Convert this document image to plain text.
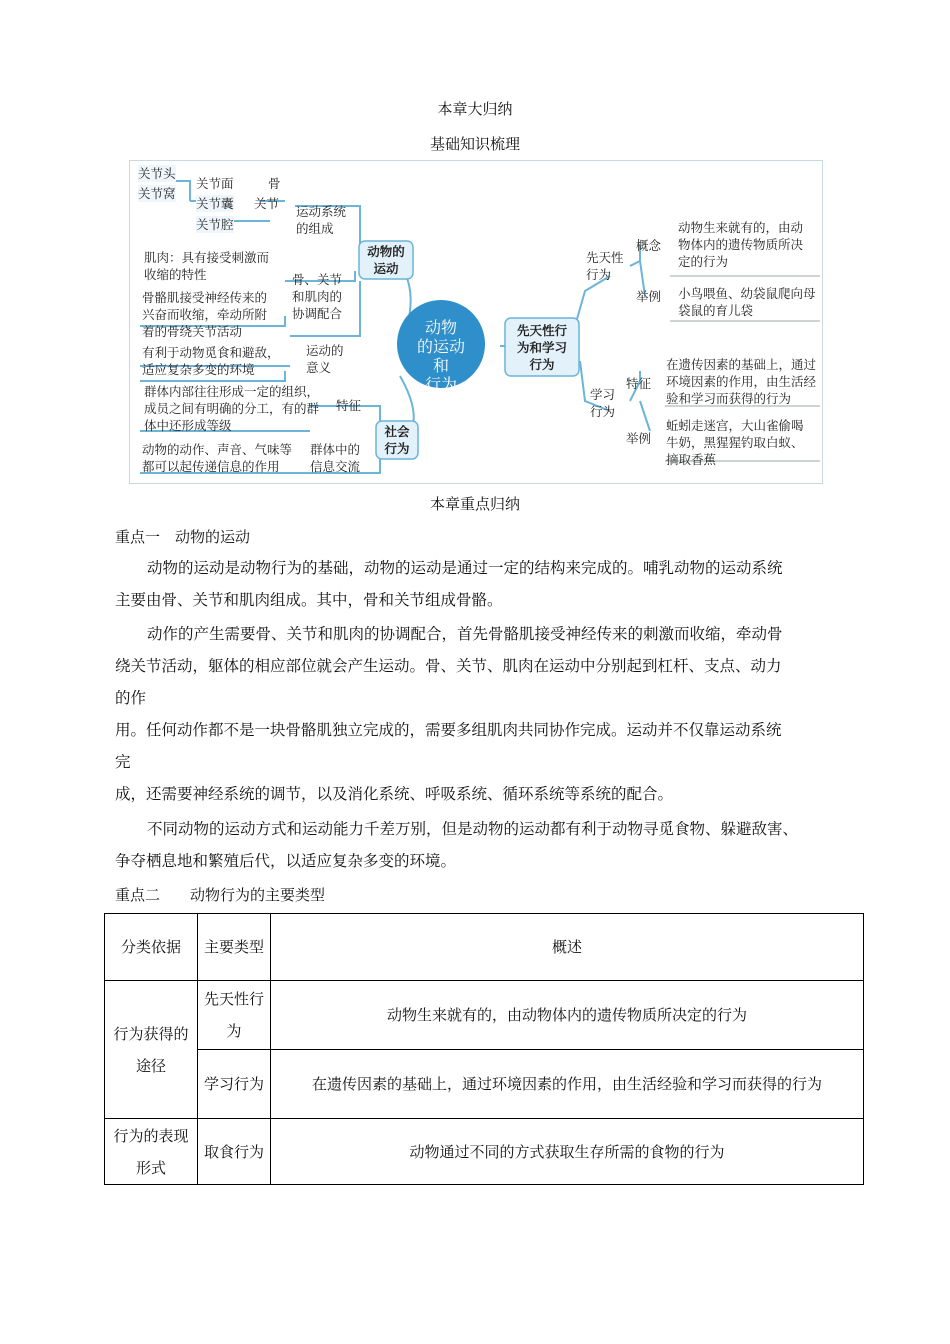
本章大归纳
基础知识梳理
动物
的运动和
行为
动物的
运动
社会
行为
先天性行
为和学习
行为
关节头
关节窝
关节面
关节囊
关节腔
骨
关节
运动系统
的组成
肌肉：具有接受刺激而
收缩的特性	骨、关节
和肌肉的
协调配合
骨骼肌接受神经传来的
兴奋而收缩，牵动所附
着的骨绕关节活动
有利于动物觅食和避敌，
适应复杂多变的环境
运动的
意义
群体内部往往形成一定的组织，
成员之间有明确的分工，有的群
体中还形成等级
特征
动物的动作、声音、气味等
都可以起传递信息的作用
群体中的
信息交流
先天性
行为
概念
动物生来就有的，由动
物体内的遗传物质所决
定的行为
举例 小鸟喂鱼、幼袋鼠爬向母
袋鼠的育儿袋
学习
行为
特征
在遗传因素的基础上，通过
环境因素的作用，由生活经
验和学习而获得的行为
举例
蚯蚓走迷宫，大山雀偷喝
牛奶，黑猩猩钓取白蚁、
摘取香蕉
本章重点归纳
重点一　动物的运动
动物的运动是动物行为的基础，动物的运动是通过一定的结构来完成的。哺乳动物的运动系统
主要由骨、关节和肌肉组成。其中，骨和关节组成骨骼。
动作的产生需要骨、关节和肌肉的协调配合，首先骨骼肌接受神经传来的刺激而收缩，牵动骨
绕关节活动，躯体的相应部位就会产生运动。骨、关节、肌肉在运动中分别起到杠杆、支点、动力
的作
用。任何动作都不是一块骨骼肌独立完成的，需要多组肌肉共同协作完成。运动并不仅靠运动系统
完
成，还需要神经系统的调节，以及消化系统、呼吸系统、循环系统等系统的配合。
不同动物的运动方式和运动能力千差万别，但是动物的运动都有利于动物寻觅食物、躲避敌害、
争夺栖息地和繁殖后代，以适应复杂多变的环境。
重点二　　动物行为的主要类型
分类依据	主要类型	概述
行为获得的途径	先天性行为	动物生来就有的，由动物体内的遗传物质所决定的行为
	学习行为	在遗传因素的基础上，通过环境因素的作用，由生活经验和学习而获得的行为
行为的表现形式	取食行为	动物通过不同的方式获取生存所需的食物的行为
